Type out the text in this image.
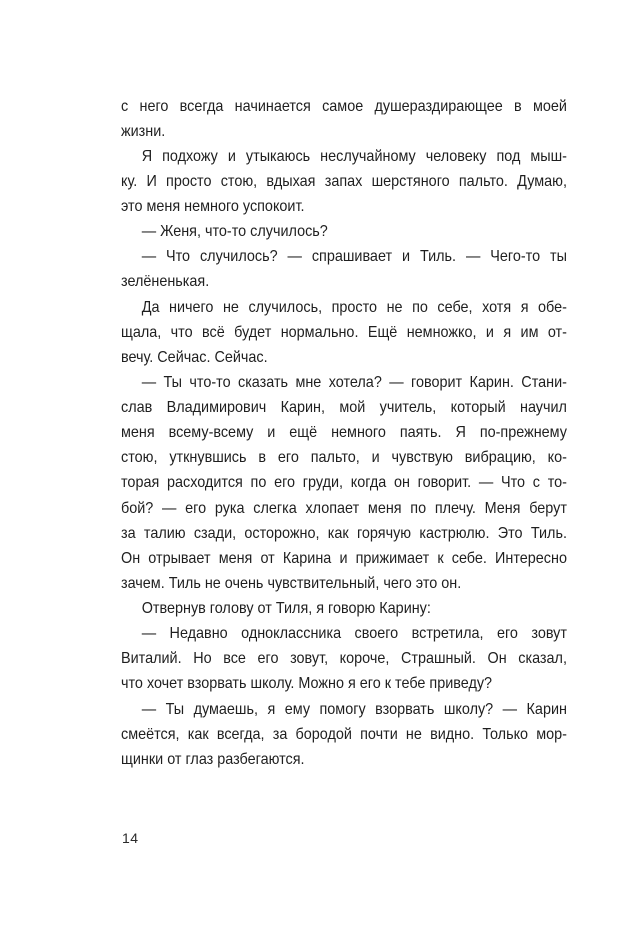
с него всегда начинается самое душераздирающее в моей
жизни.
Я подхожу и утыкаюсь неслучайному человеку под мыш-
ку. И просто стою, вдыхая запах шерстяного пальто. Думаю,
это меня немного успокоит.
— Женя, что-то случилось?
— Что случилось? — спрашивает и Тиль. — Чего-то ты
зелёненькая.
Да ничего не случилось, просто не по себе, хотя я обе-
щала, что всё будет нормально. Ещё немножко, и я им от-
вечу. Сейчас. Сейчас.
— Ты что-то сказать мне хотела? — говорит Карин. Стани-
слав Владимирович Карин, мой учитель, который научил
меня всему-всему и ещё немного паять. Я по-прежнему
стою, уткнувшись в его пальто, и чувствую вибрацию, ко-
торая расходится по его груди, когда он говорит. — Что с то-
бой? — его рука слегка хлопает меня по плечу. Меня берут
за талию сзади, осторожно, как горячую кастрюлю. Это Тиль.
Он отрывает меня от Карина и прижимает к себе. Интересно
зачем. Тиль не очень чувствительный, чего это он.
Отвернув голову от Тиля, я говорю Карину:
— Недавно одноклассника своего встретила, его зовут
Виталий. Но все его зовут, короче, Страшный. Он сказал,
что хочет взорвать школу. Можно я его к тебе приведу?
— Ты думаешь, я ему помогу взорвать школу? — Карин
смеётся, как всегда, за бородой почти не видно. Только мор-
щинки от глаз разбегаются.
14
